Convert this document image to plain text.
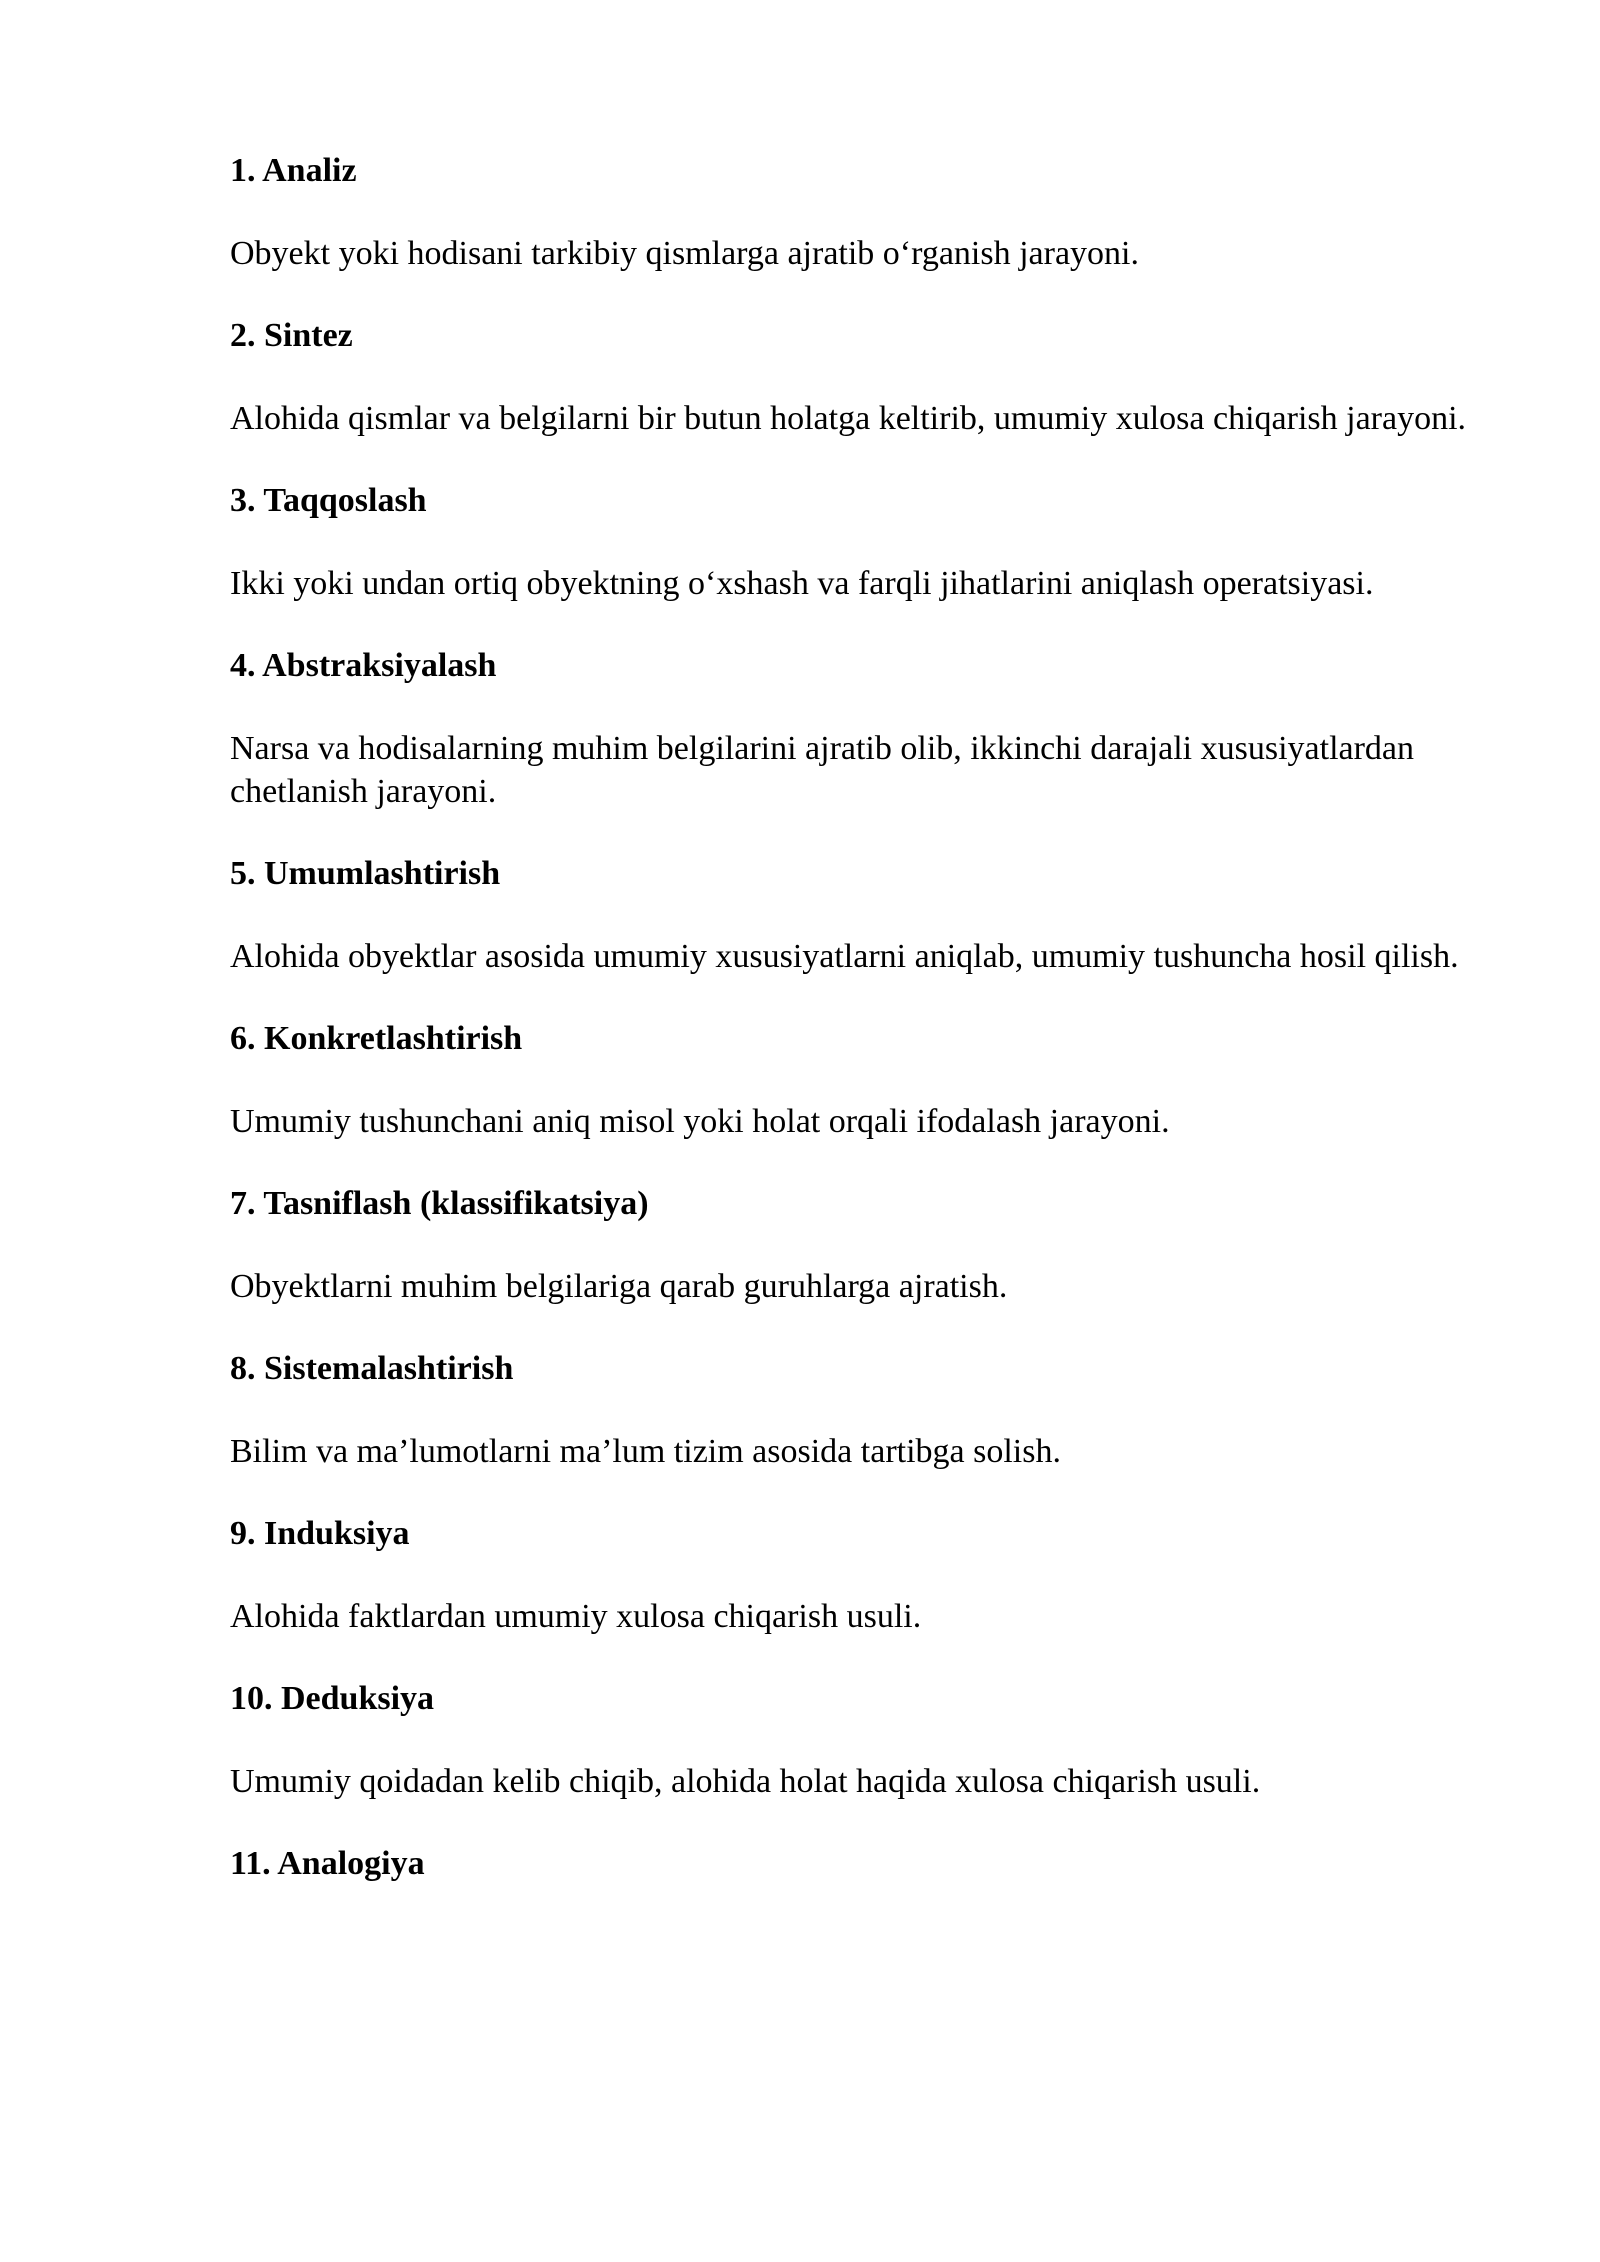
1. Analiz

Obyekt yoki hodisani tarkibiy qismlarga ajratib o‘rganish jarayoni.

2. Sintez

Alohida qismlar va belgilarni bir butun holatga keltirib, umumiy xulosa chiqarish jarayoni.

3. Taqqoslash

Ikki yoki undan ortiq obyektning o‘xshash va farqli jihatlarini aniqlash operatsiyasi.

4. Abstraksiyalash

Narsa va hodisalarning muhim belgilarini ajratib olib, ikkinchi darajali xususiyatlardan chetlanish jarayoni.

5. Umumlashtirish

Alohida obyektlar asosida umumiy xususiyatlarni aniqlab, umumiy tushuncha hosil qilish.

6. Konkretlashtirish

Umumiy tushunchani aniq misol yoki holat orqali ifodalash jarayoni.

7. Tasniflash (klassifikatsiya)

Obyektlarni muhim belgilariga qarab guruhlarga ajratish.

8. Sistemalashtirish

Bilim va ma’lumotlarni ma’lum tizim asosida tartibga solish.

9. Induksiya

Alohida faktlardan umumiy xulosa chiqarish usuli.

10. Deduksiya

Umumiy qoidadan kelib chiqib, alohida holat haqida xulosa chiqarish usuli.

11. Analogiya
